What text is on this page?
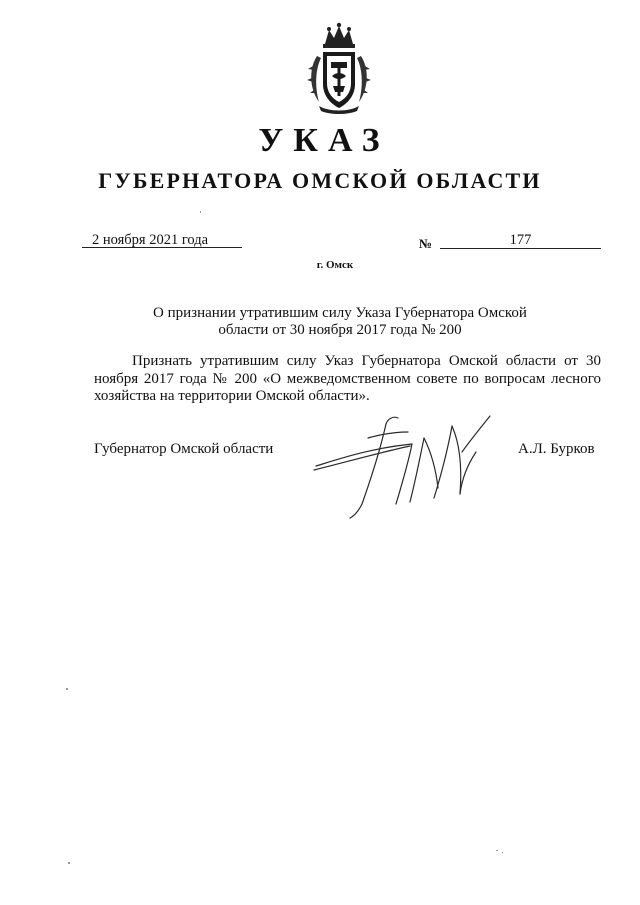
УКАЗ
ГУБЕРНАТОРА ОМСКОЙ ОБЛАСТИ
2 ноября 2021 года	№	177
г. Омск
О признании утратившим силу Указа Губернатора Омской
области от 30 ноября 2017 года № 200
Признать утратившим силу Указ Губернатора Омской области от 30 ноября 2017 года № 200 «О межведомственном совете по вопросам лесного хозяйства на территории Омской области».
Губернатор Омской области	А.Л. Бурков
